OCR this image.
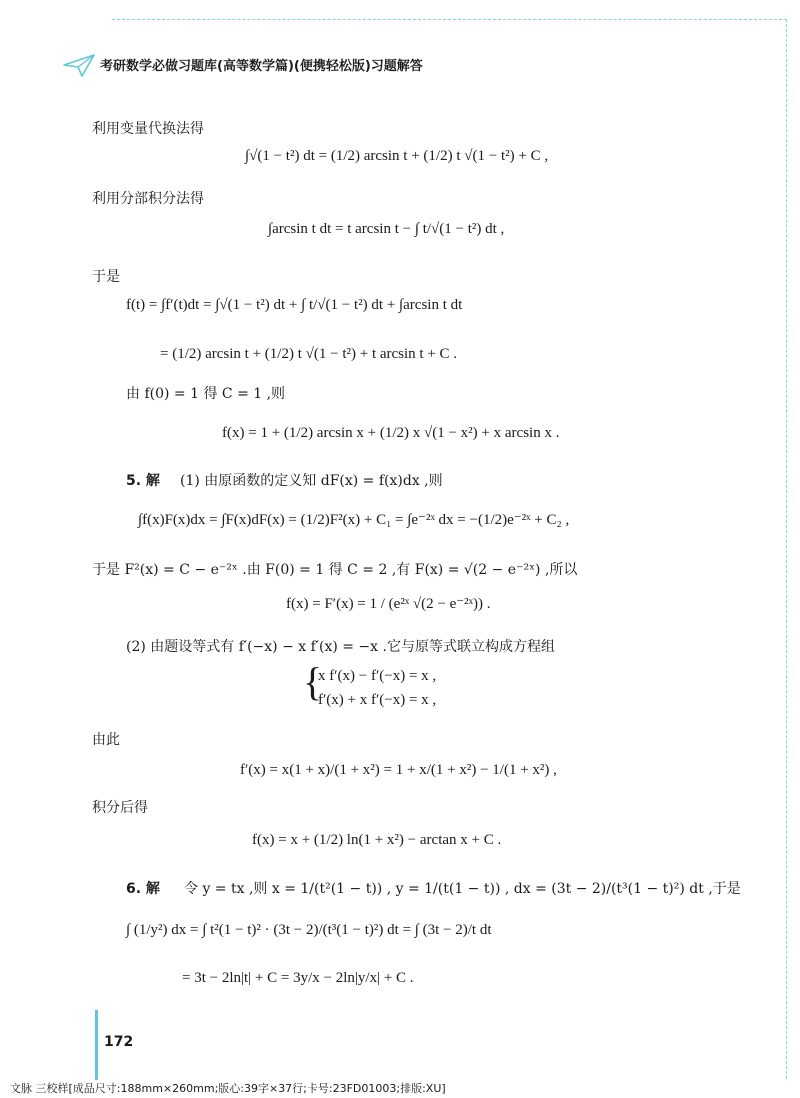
考研数学必做习题库(高等数学篇)(便携轻松版)习题解答
利用变量代换法得
∫√(1 − t²) dt = (1/2) arcsin t + (1/2) t √(1 − t²) + C ,
利用分部积分法得
∫arcsin t dt = t arcsin t − ∫ t/√(1 − t²) dt ,
于是
f(t) = ∫f′(t)dt = ∫√(1 − t²) dt + ∫ t/√(1 − t²) dt + ∫arcsin t dt
= (1/2) arcsin t + (1/2) t √(1 − t²) + t arcsin t + C .
由 f(0) = 1 得 C = 1 ,则
f(x) = 1 + (1/2) arcsin x + (1/2) x √(1 − x²) + x arcsin x .
5. 解 (1) 由原函数的定义知 dF(x) = f(x)dx ,则
∫f(x)F(x)dx = ∫F(x)dF(x) = (1/2)F²(x) + C₁ = ∫e⁻²ˣ dx = −(1/2)e⁻²ˣ + C₂ ,
于是 F²(x) = C − e⁻²ˣ .由 F(0) = 1 得 C = 2 ,有 F(x) = √(2 − e⁻²ˣ) ,所以
f(x) = F′(x) = 1 / (e²ˣ √(2 − e⁻²ˣ)) .
(2) 由题设等式有 f′(−x) − x f′(x) = −x .它与原等式联立构成方程组
{
x f′(x) − f′(−x) = x ,
f′(x) + x f′(−x) = x ,
由此
f′(x) = x(1 + x)/(1 + x²) = 1 + x/(1 + x²) − 1/(1 + x²) ,
积分后得
f(x) = x + (1/2) ln(1 + x²) − arctan x + C .
6. 解 令 y = tx ,则 x = 1/(t²(1 − t)) , y = 1/(t(1 − t)) , dx = (3t − 2)/(t³(1 − t)²) dt ,于是
∫ (1/y²) dx = ∫ t²(1 − t)² · (3t − 2)/(t³(1 − t)²) dt = ∫ (3t − 2)/t dt
= 3t − 2ln|t| + C = 3y/x − 2ln|y/x| + C .
172
文脉 三校样[成品尺寸:188mm×260mm;版心:39字×37行;卡号:23FD01003;排版:XU]
